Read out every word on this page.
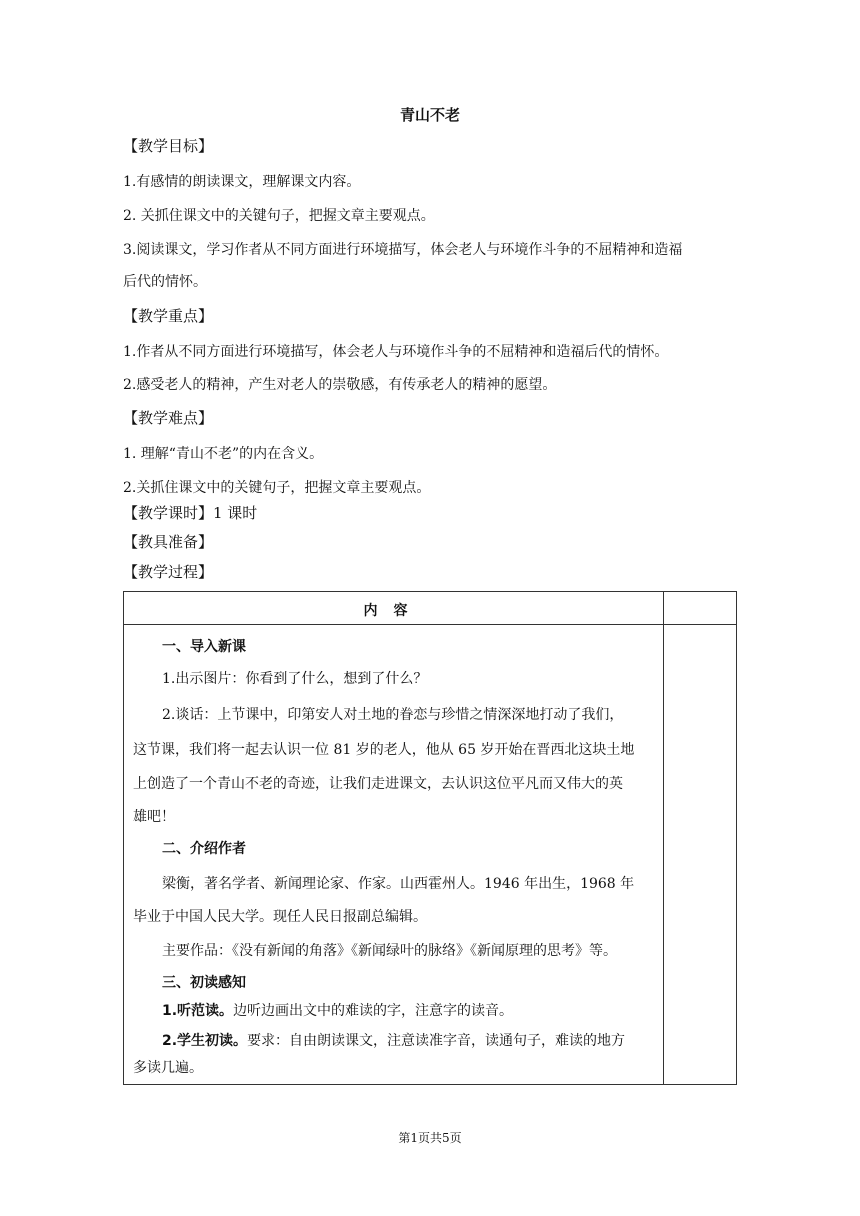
青山不老
【教学目标】
1.有感情的朗读课文，理解课文内容。
2. 关抓住课文中的关键句子，把握文章主要观点。
3.阅读课文，学习作者从不同方面进行环境描写，体会老人与环境作斗争的不屈精神和造福
后代的情怀。
【教学重点】
1.作者从不同方面进行环境描写，体会老人与环境作斗争的不屈精神和造福后代的情怀。
2.感受老人的精神，产生对老人的崇敬感，有传承老人的精神的愿望。
【教学难点】
1. 理解“青山不老”的内在含义。
2.关抓住课文中的关键句子，把握文章主要观点。
【教学课时】1 课时
【教具准备】
【教学过程】
内容
一、导入新课
1.出示图片：你看到了什么，想到了什么？
2.谈话：上节课中，印第安人对土地的眷恋与珍惜之情深深地打动了我们，
这节课，我们将一起去认识一位 81 岁的老人，他从 65 岁开始在晋西北这块土地
上创造了一个青山不老的奇迹，让我们走进课文，去认识这位平凡而又伟大的英
雄吧！
二、介绍作者
梁衡，著名学者、新闻理论家、作家。山西霍州人。1946 年出生，1968 年
毕业于中国人民大学。现任人民日报副总编辑。
主要作品：《没有新闻的角落》《新闻绿叶的脉络》《新闻原理的思考》等。
三、初读感知
1.听范读。边听边画出文中的难读的字，注意字的读音。
2.学生初读。要求：自由朗读课文，注意读准字音，读通句子，难读的地方
多读几遍。
第1页共5页
